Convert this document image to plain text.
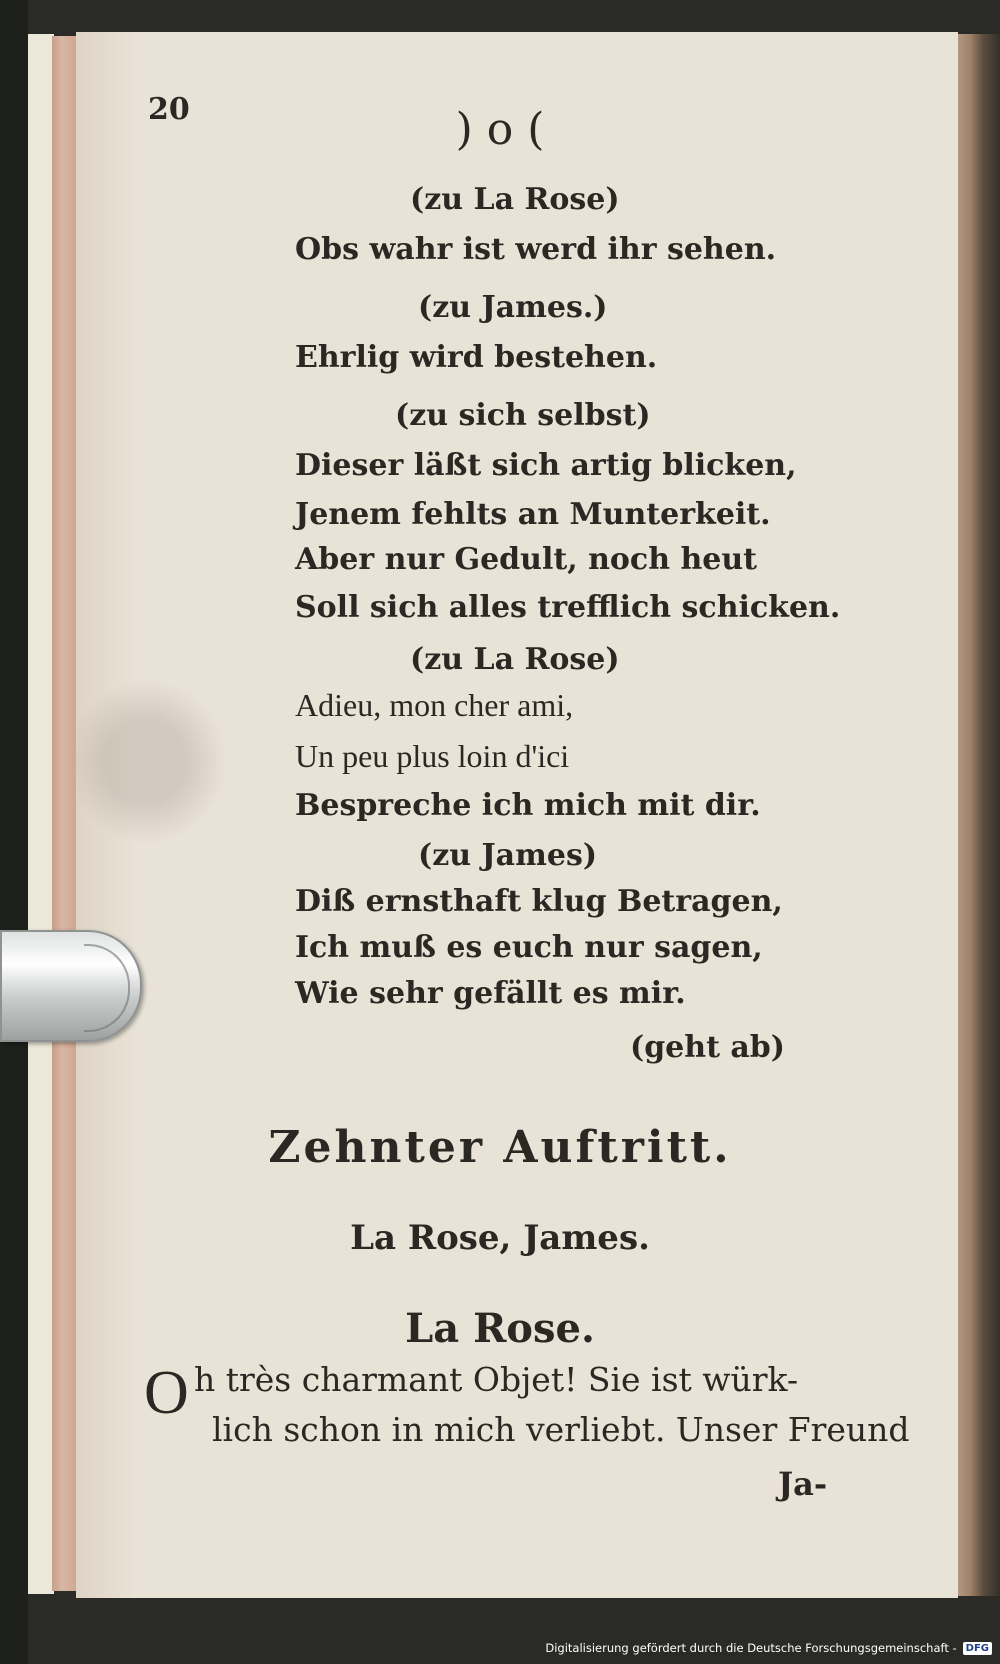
20	) o (

(zu La Rose)

Obs wahr ist werd ihr sehen.

(zu James.)

Ehrlig wird bestehen.

(zu sich selbst)

Dieser läßt sich artig blicken,

Jenem fehlts an Munterkeit.

Aber nur Gedult, noch heut

Soll sich alles trefflich schicken.

(zu La Rose)

Adieu, mon cher ami,

Un peu plus loin d'ici

Bespreche ich mich mit dir.

(zu James)

Diß ernsthaft klug Betragen,

Ich muß es euch nur sagen,

Wie sehr gefällt es mir.

(geht ab)

Zehnter Auftritt.

La Rose, James.

La Rose.

O h très charmant Objet! Sie ist würk-

lich schon in mich verliebt. Unser Freund

Ja-

Digitalisierung gefördert durch die Deutsche Forschungsgemeinschaft - DFG
